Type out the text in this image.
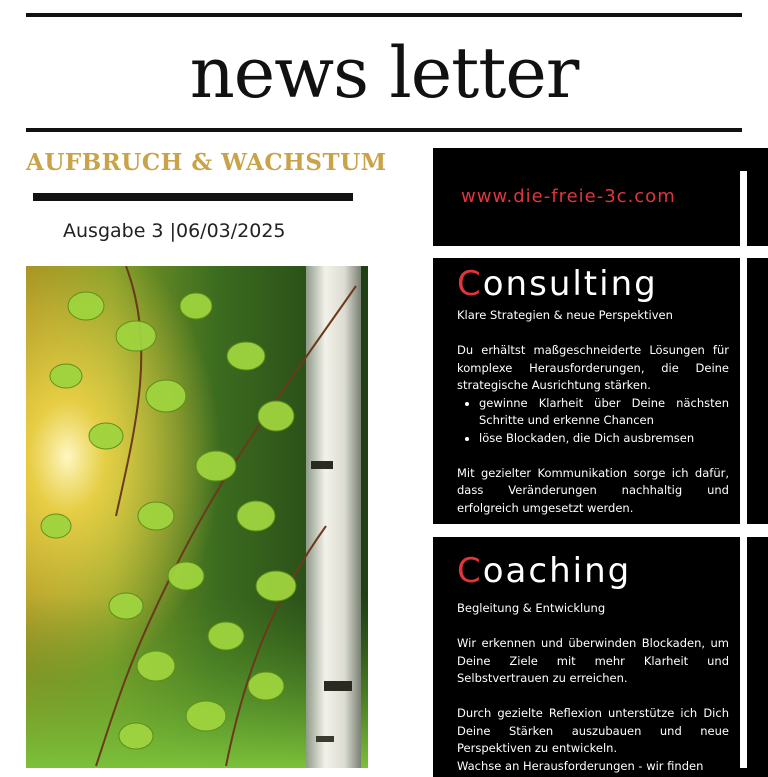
news letter
AUFBRUCH & WACHSTUM
Ausgabe 3 |06/03/2025
www.die-freie-3c.com
Consulting

Klare Strategien & neue Perspektiven

Du erhältst maßgeschneiderte Lösungen für komplexe Herausforderungen, die Deine strategische Ausrichtung stärken.

• gewinne Klarheit über Deine nächsten Schritte und erkenne Chancen
• löse Blockaden, die Dich ausbremsen

Mit gezielter Kommunikation sorge ich dafür, dass Veränderungen nachhaltig und erfolgreich umgesetzt werden.

Coaching

Begleitung & Entwicklung

Wir erkennen und überwinden Blockaden, um Deine Ziele mit mehr Klarheit und Selbstvertrauen zu erreichen.

Durch gezielte Reflexion unterstütze ich Dich Deine Stärken auszubauen und neue Perspektiven zu entwickeln.

Wachse an Herausforderungen - wir finden
